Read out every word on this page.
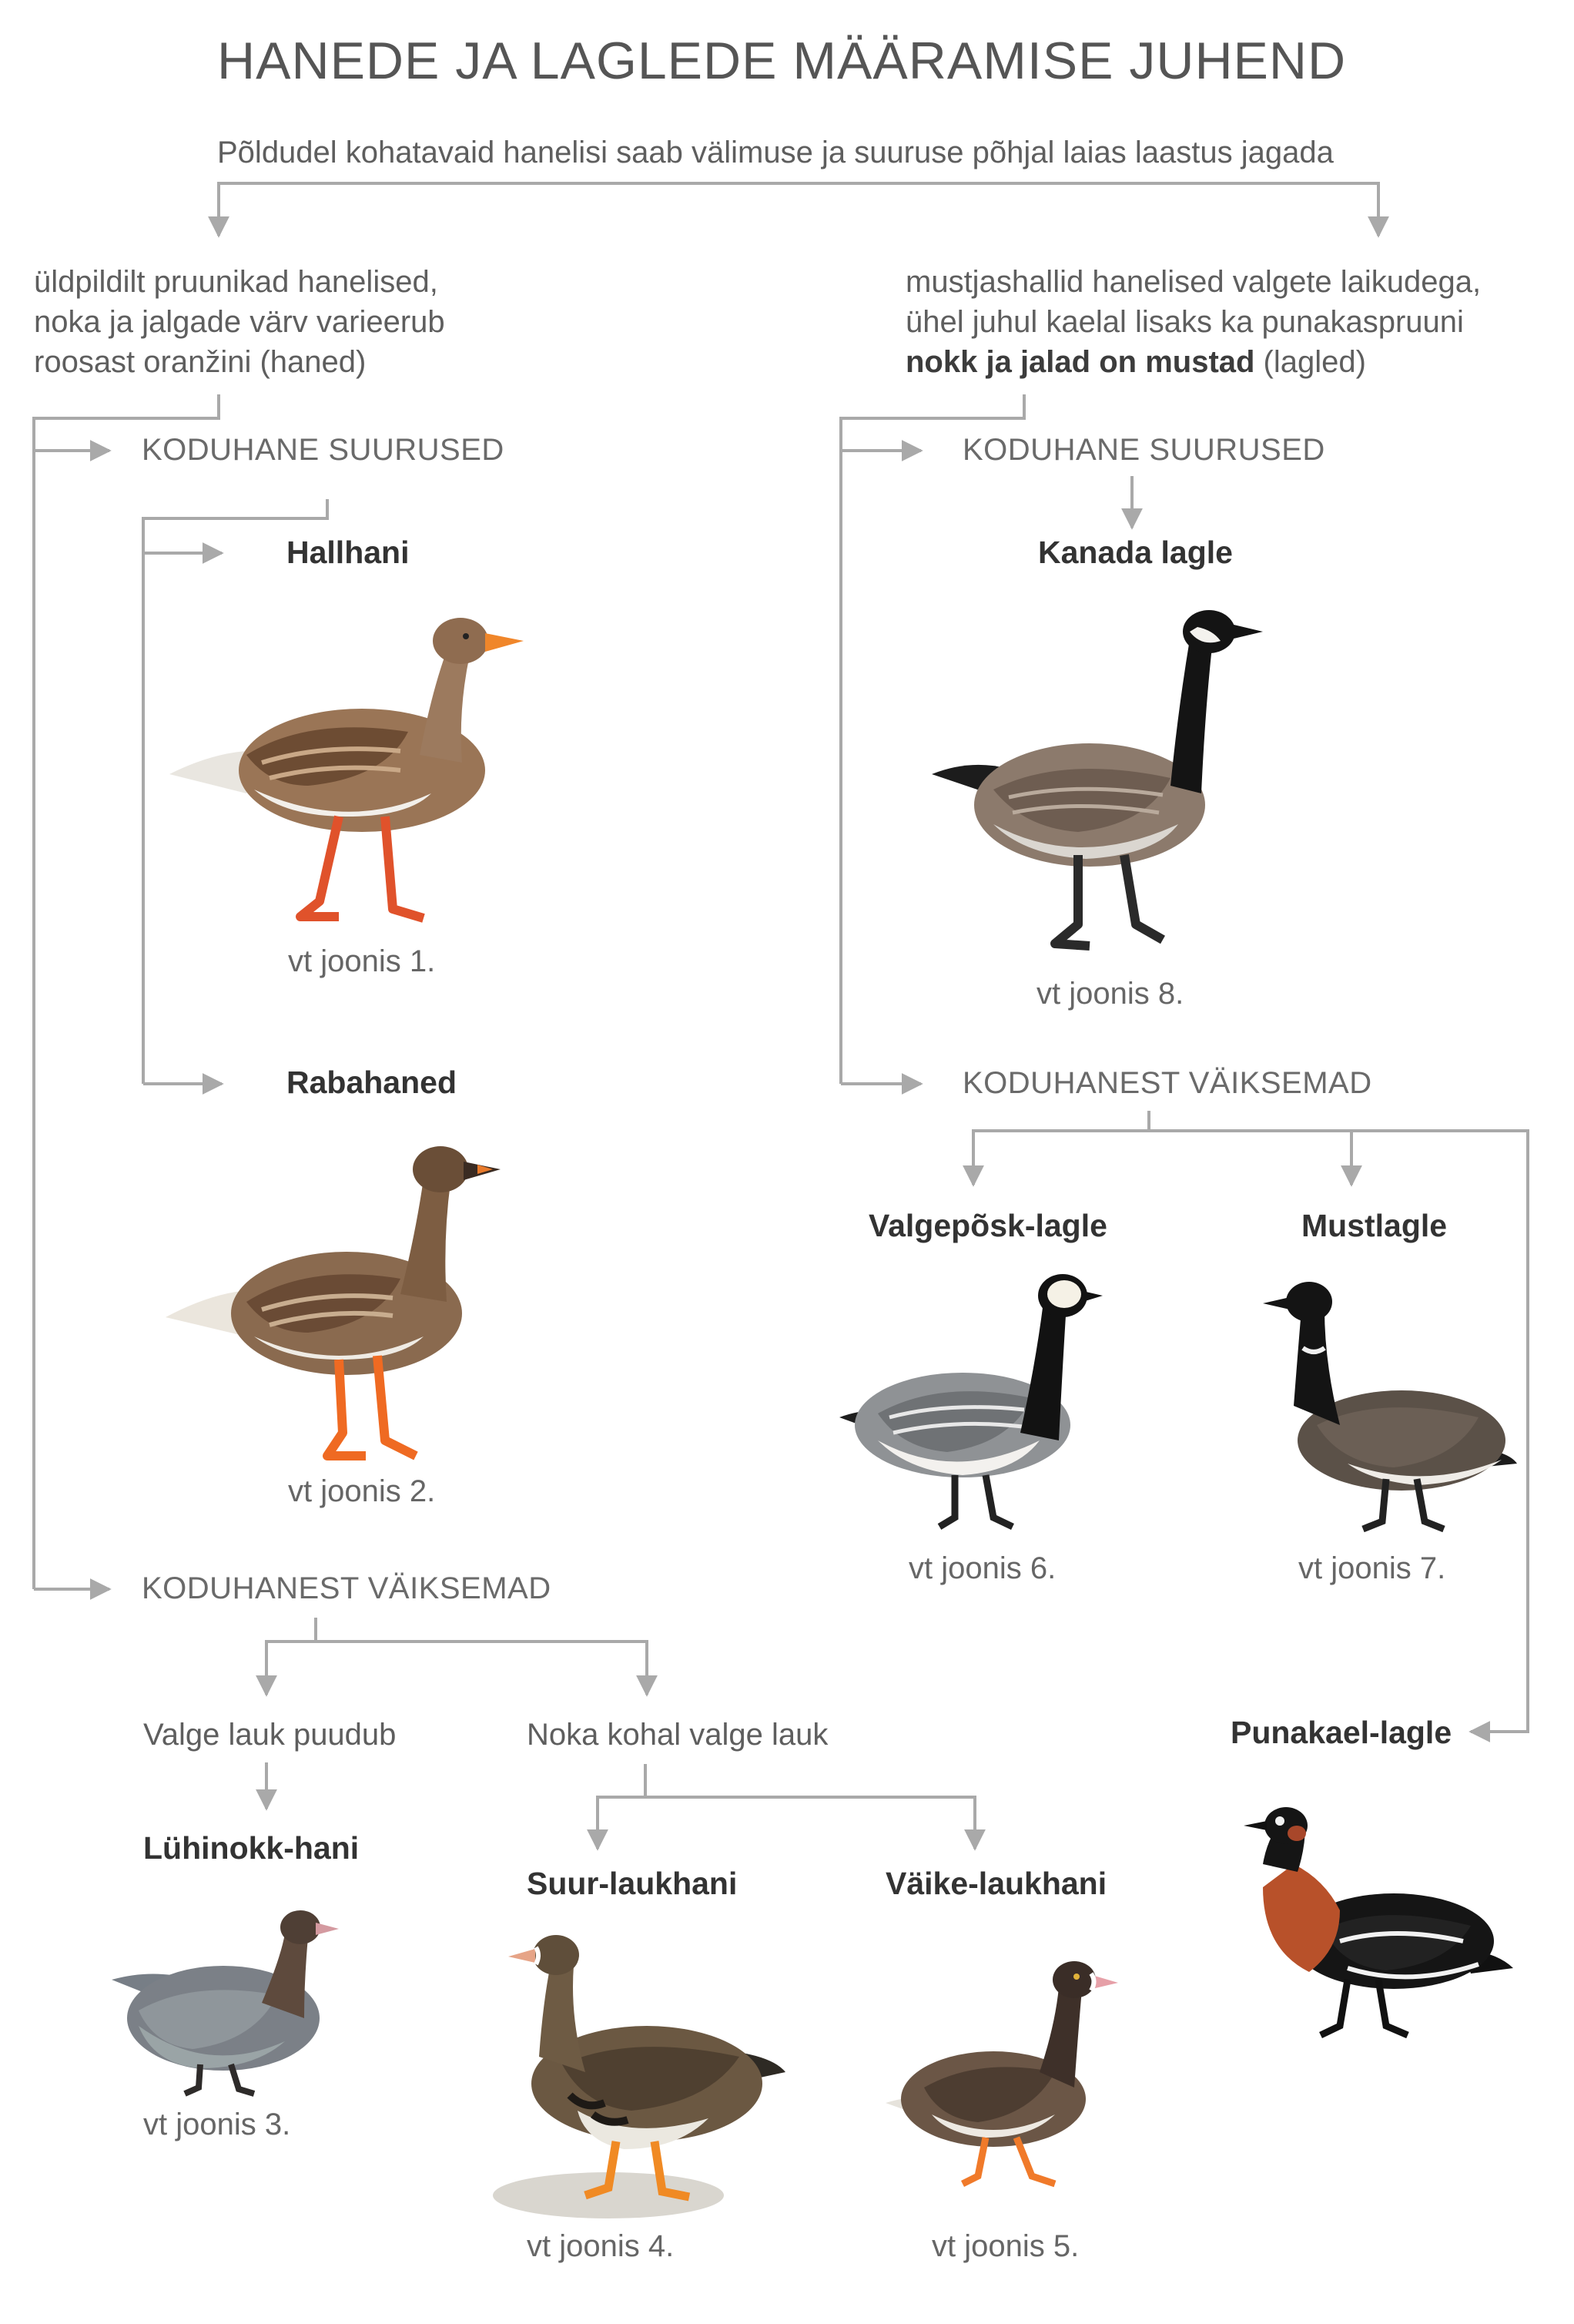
HANEDE JA LAGLEDE MÄÄRAMISE JUHEND
Põldudel kohatavaid hanelisi saab välimuse ja suuruse põhjal laias laastus jagada
üldpildilt pruunikad hanelised,
noka ja jalgade värv varieerub
roosast oranžini (haned)
mustjashallid hanelised valgete laikudega,
ühel juhul kaelal lisaks ka punakaspruuni
nokk ja jalad on mustad (lagled)
KODUHANE SUURUSED
KODUHANEST VÄIKSEMAD
KODUHANE SUURUSED
KODUHANEST VÄIKSEMAD
Valge lauk puudub	Noka kohal valge lauk
Hallhani
Rabahaned
Lühinokk-hani
Suur-laukhani	Väike-laukhani
Kanada lagle
Valgepõsk-lagle	Mustlagle
Punakael-lagle
vt joonis 1.
vt joonis 2.
vt joonis 3.
vt joonis 4.	vt joonis 5.
vt joonis 8.
vt joonis 6.	vt joonis 7.
